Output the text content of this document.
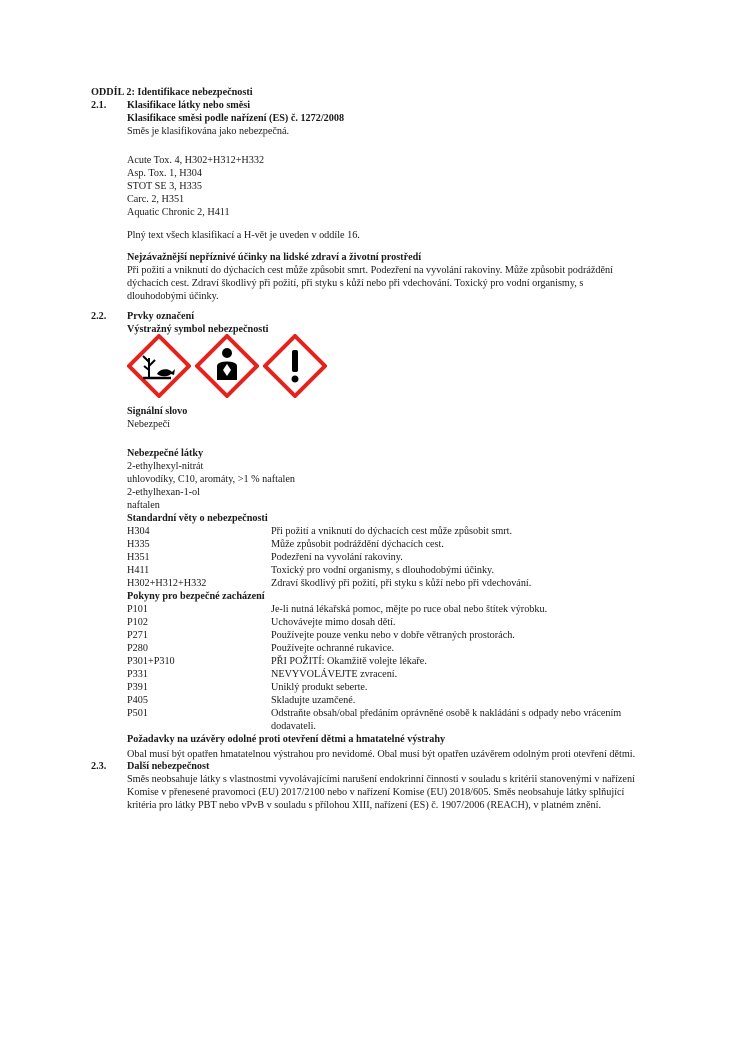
ODDÍL 2: Identifikace nebezpečnosti
2.1. Klasifikace látky nebo směsi
Klasifikace směsi podle nařízení (ES) č. 1272/2008
Směs je klasifikována jako nebezpečná.
Acute Tox. 4, H302+H312+H332
Asp. Tox. 1, H304
STOT SE 3, H335
Carc. 2, H351
Aquatic Chronic 2, H411
Plný text všech klasifikací a H-vět je uveden v oddíle 16.
Nejzávažnější nepříznivé účinky na lidské zdraví a životní prostředí
Při požití a vniknutí do dýchacích cest může způsobit smrt. Podezření na vyvolání rakoviny. Může způsobit podráždění
dýchacích cest. Zdraví škodlivý při požití, při styku s kůží nebo při vdechování. Toxický pro vodní organismy, s
dlouhodobými účinky.
2.2. Prvky označení
Výstražný symbol nebezpečnosti
Signální slovo
Nebezpečí
Nebezpečné látky
2-ethylhexyl-nitrát
uhlovodíky, C10, aromáty, >1 % naftalen
2-ethylhexan-1-ol
naftalen
Standardní věty o nebezpečnosti
H304	Při požití a vniknutí do dýchacích cest může způsobit smrt.
H335	Může způsobit podráždění dýchacích cest.
H351	Podezření na vyvolání rakoviny.
H411	Toxický pro vodní organismy, s dlouhodobými účinky.
H302+H312+H332	Zdraví škodlivý při požití, při styku s kůží nebo při vdechování.
Pokyny pro bezpečné zacházení
P101	Je-li nutná lékařská pomoc, mějte po ruce obal nebo štítek výrobku.
P102	Uchovávejte mimo dosah dětí.
P271	Používejte pouze venku nebo v dobře větraných prostorách.
P280	Používejte ochranné rukavice.
P301+P310	PŘI POŽITÍ: Okamžitě volejte lékaře.
P331	NEVYVOLÁVEJTE zvracení.
P391	Uniklý produkt seberte.
P405	Skladujte uzamčené.
P501	Odstraňte obsah/obal předáním oprávněné osobě k nakládání s odpady nebo vrácením
dodavateli.
Požadavky na uzávěry odolné proti otevření dětmi a hmatatelné výstrahy
Obal musí být opatřen hmatatelnou výstrahou pro nevidomé. Obal musí být opatřen uzávěrem odolným proti otevření dětmi.
2.3. Další nebezpečnost
Směs neobsahuje látky s vlastnostmi vyvolávajícími narušení endokrinní činnosti v souladu s kritérii stanovenými v nařízení
Komise v přenesené pravomoci (EU) 2017/2100 nebo v nařízení Komise (EU) 2018/605. Směs neobsahuje látky splňující
kritéria pro látky PBT nebo vPvB v souladu s přílohou XIII, nařízení (ES) č. 1907/2006 (REACH), v platném znění.
